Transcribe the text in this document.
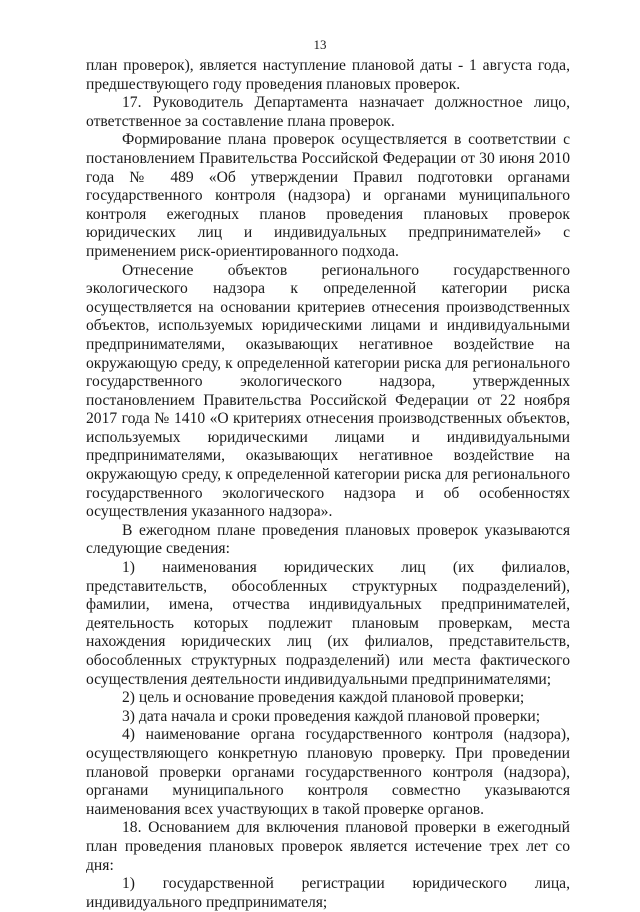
13

план проверок), является наступление плановой даты - 1 августа года, предшествующего году проведения плановых проверок.

17. Руководитель Департамента назначает должностное лицо, ответственное за составление плана проверок.

Формирование плана проверок осуществляется в соответствии с постановлением Правительства Российской Федерации от 30 июня 2010 года № 489 «Об утверждении Правил подготовки органами государственного контроля (надзора) и органами муниципального контроля ежегодных планов проведения плановых проверок юридических лиц и индивидуальных предпринимателей» с применением риск-ориентированного подхода.

Отнесение объектов регионального государственного экологического надзора к определенной категории риска осуществляется на основании критериев отнесения производственных объектов, используемых юридическими лицами и индивидуальными предпринимателями, оказывающих негативное воздействие на окружающую среду, к определенной категории риска для регионального государственного экологического надзора, утвержденных постановлением Правительства Российской Федерации от 22 ноября 2017 года № 1410 «О критериях отнесения производственных объектов, используемых юридическими лицами и индивидуальными предпринимателями, оказывающих негативное воздействие на окружающую среду, к определенной категории риска для регионального государственного экологического надзора и об особенностях осуществления указанного надзора».

В ежегодном плане проведения плановых проверок указываются следующие сведения:

1) наименования юридических лиц (их филиалов, представительств, обособленных структурных подразделений), фамилии, имена, отчества индивидуальных предпринимателей, деятельность которых подлежит плановым проверкам, места нахождения юридических лиц (их филиалов, представительств, обособленных структурных подразделений) или места фактического осуществления деятельности индивидуальными предпринимателями;

2) цель и основание проведения каждой плановой проверки;

3) дата начала и сроки проведения каждой плановой проверки;

4) наименование органа государственного контроля (надзора), осуществляющего конкретную плановую проверку. При проведении плановой проверки органами государственного контроля (надзора), органами муниципального контроля совместно указываются наименования всех участвующих в такой проверке органов.

18. Основанием для включения плановой проверки в ежегодный план проведения плановых проверок является истечение трех лет со дня:

1) государственной регистрации юридического лица, индивидуального предпринимателя;
